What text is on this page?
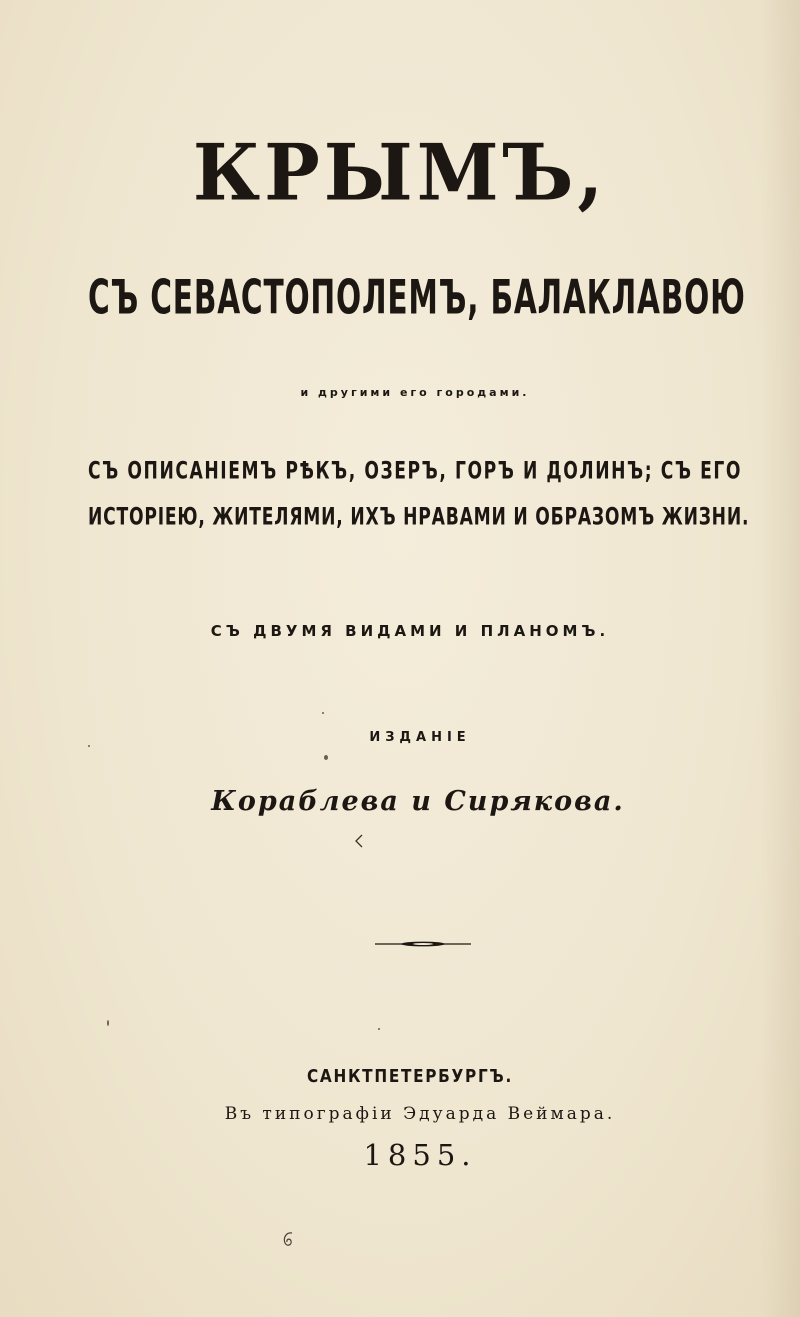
КРЫМЪ,
СЪ СЕВАСТОПОЛЕМЪ, БАЛАКЛАВОЮ
и другими его городами.
СЪ ОПИСАНІЕМЪ РѢКЪ, ОЗЕРЪ, ГОРЪ И ДОЛИНЪ; СЪ ЕГО
ИСТОРІЕЮ, ЖИТЕЛЯМИ, ИХЪ НРАВАМИ И ОБРАЗОМЪ ЖИЗНИ.
СЪ ДВУМЯ ВИДАМИ И ПЛАНОМЪ.
ИЗДАНІЕ
Кораблева и Сирякова.
САНКТПЕТЕРБУРГЪ.
Въ типографіи Эдуарда Веймара.
1855.
